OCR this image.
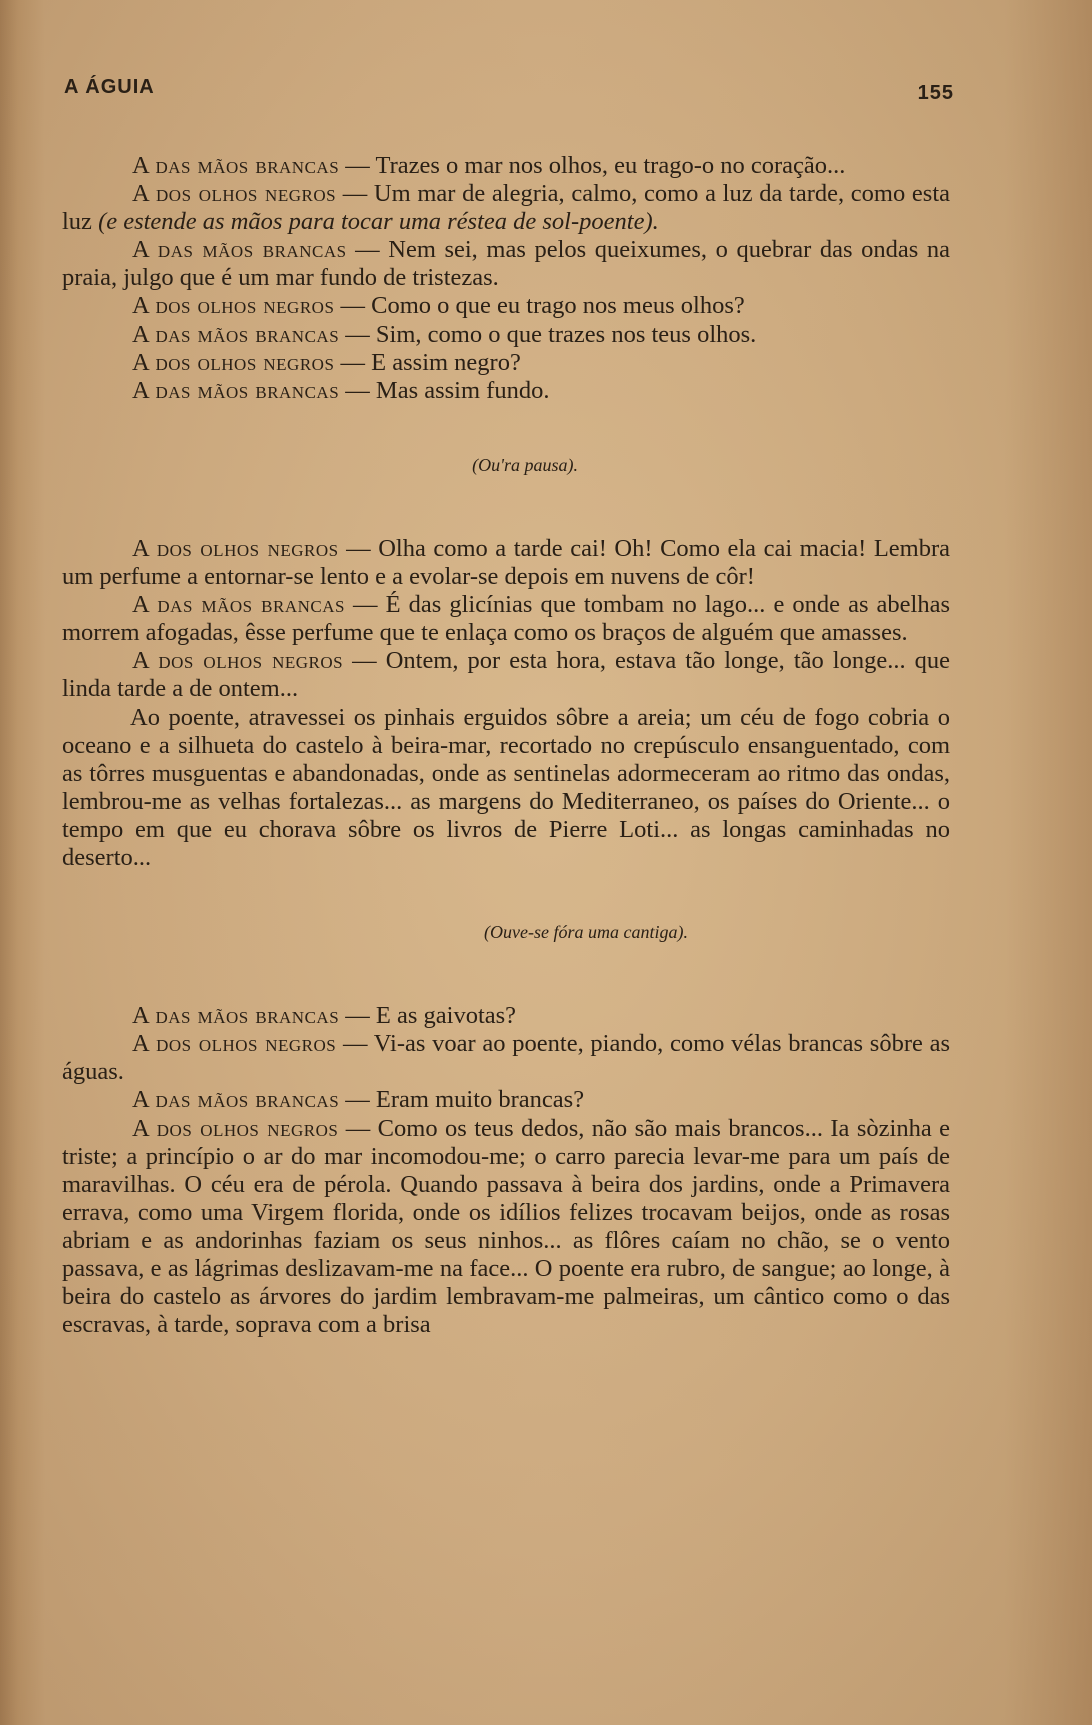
A ÁGUIA	155

A das mãos brancas — Trazes o mar nos olhos, eu trago-o no coração...

A dos olhos negros — Um mar de alegria, calmo, como a luz da tarde, como esta luz (e estende as mãos para tocar uma réstea de sol-poente).

A das mãos brancas — Nem sei, mas pelos queixumes, o quebrar das ondas na praia, julgo que é um mar fundo de tristezas.

A dos olhos negros — Como o que eu trago nos meus olhos?

A das mãos brancas — Sim, como o que trazes nos teus olhos.

A dos olhos negros — E assim negro?

A das mãos brancas — Mas assim fundo.

(Ou'ra pausa).

A dos olhos negros — Olha como a tarde cai! Oh! Como ela cai macia! Lembra um perfume a entornar-se lento e a evolar-se depois em nuvens de côr!

A das mãos brancas — É das glicínias que tombam no lago... e onde as abelhas morrem afogadas, êsse perfume que te enlaça como os braços de alguém que amasses.

A dos olhos negros — Ontem, por esta hora, estava tão longe, tão longe... que linda tarde a de ontem...

Ao poente, atravessei os pinhais erguidos sôbre a areia; um céu de fogo cobria o oceano e a silhueta do castelo à beira-mar, recortado no crepúsculo ensanguentado, com as tôrres musguentas e abandonadas, onde as sentinelas adormeceram ao ritmo das ondas, lembrou-me as velhas fortalezas... as margens do Mediterraneo, os países do Oriente... o tempo em que eu chorava sôbre os livros de Pierre Loti... as longas caminhadas no deserto...

(Ouve-se fóra uma cantiga).

A das mãos brancas — E as gaivotas?

A dos olhos negros — Vi-as voar ao poente, piando, como vélas brancas sôbre as águas.

A das mãos brancas — Eram muito brancas?

A dos olhos negros — Como os teus dedos, não são mais brancos... Ia sòzinha e triste; a princípio o ar do mar incomodou-me; o carro parecia levar-me para um país de maravilhas. O céu era de pérola. Quando passava à beira dos jardins, onde a Primavera errava, como uma Virgem florida, onde os idílios felizes trocavam beijos, onde as rosas abriam e as andorinhas faziam os seus ninhos... as flôres caíam no chão, se o vento passava, e as lágrimas deslizavam-me na face... O poente era rubro, de sangue; ao longe, à beira do castelo as árvores do jardim lembravam-me palmeiras, um cântico como o das escravas, à tarde, soprava com a brisa
